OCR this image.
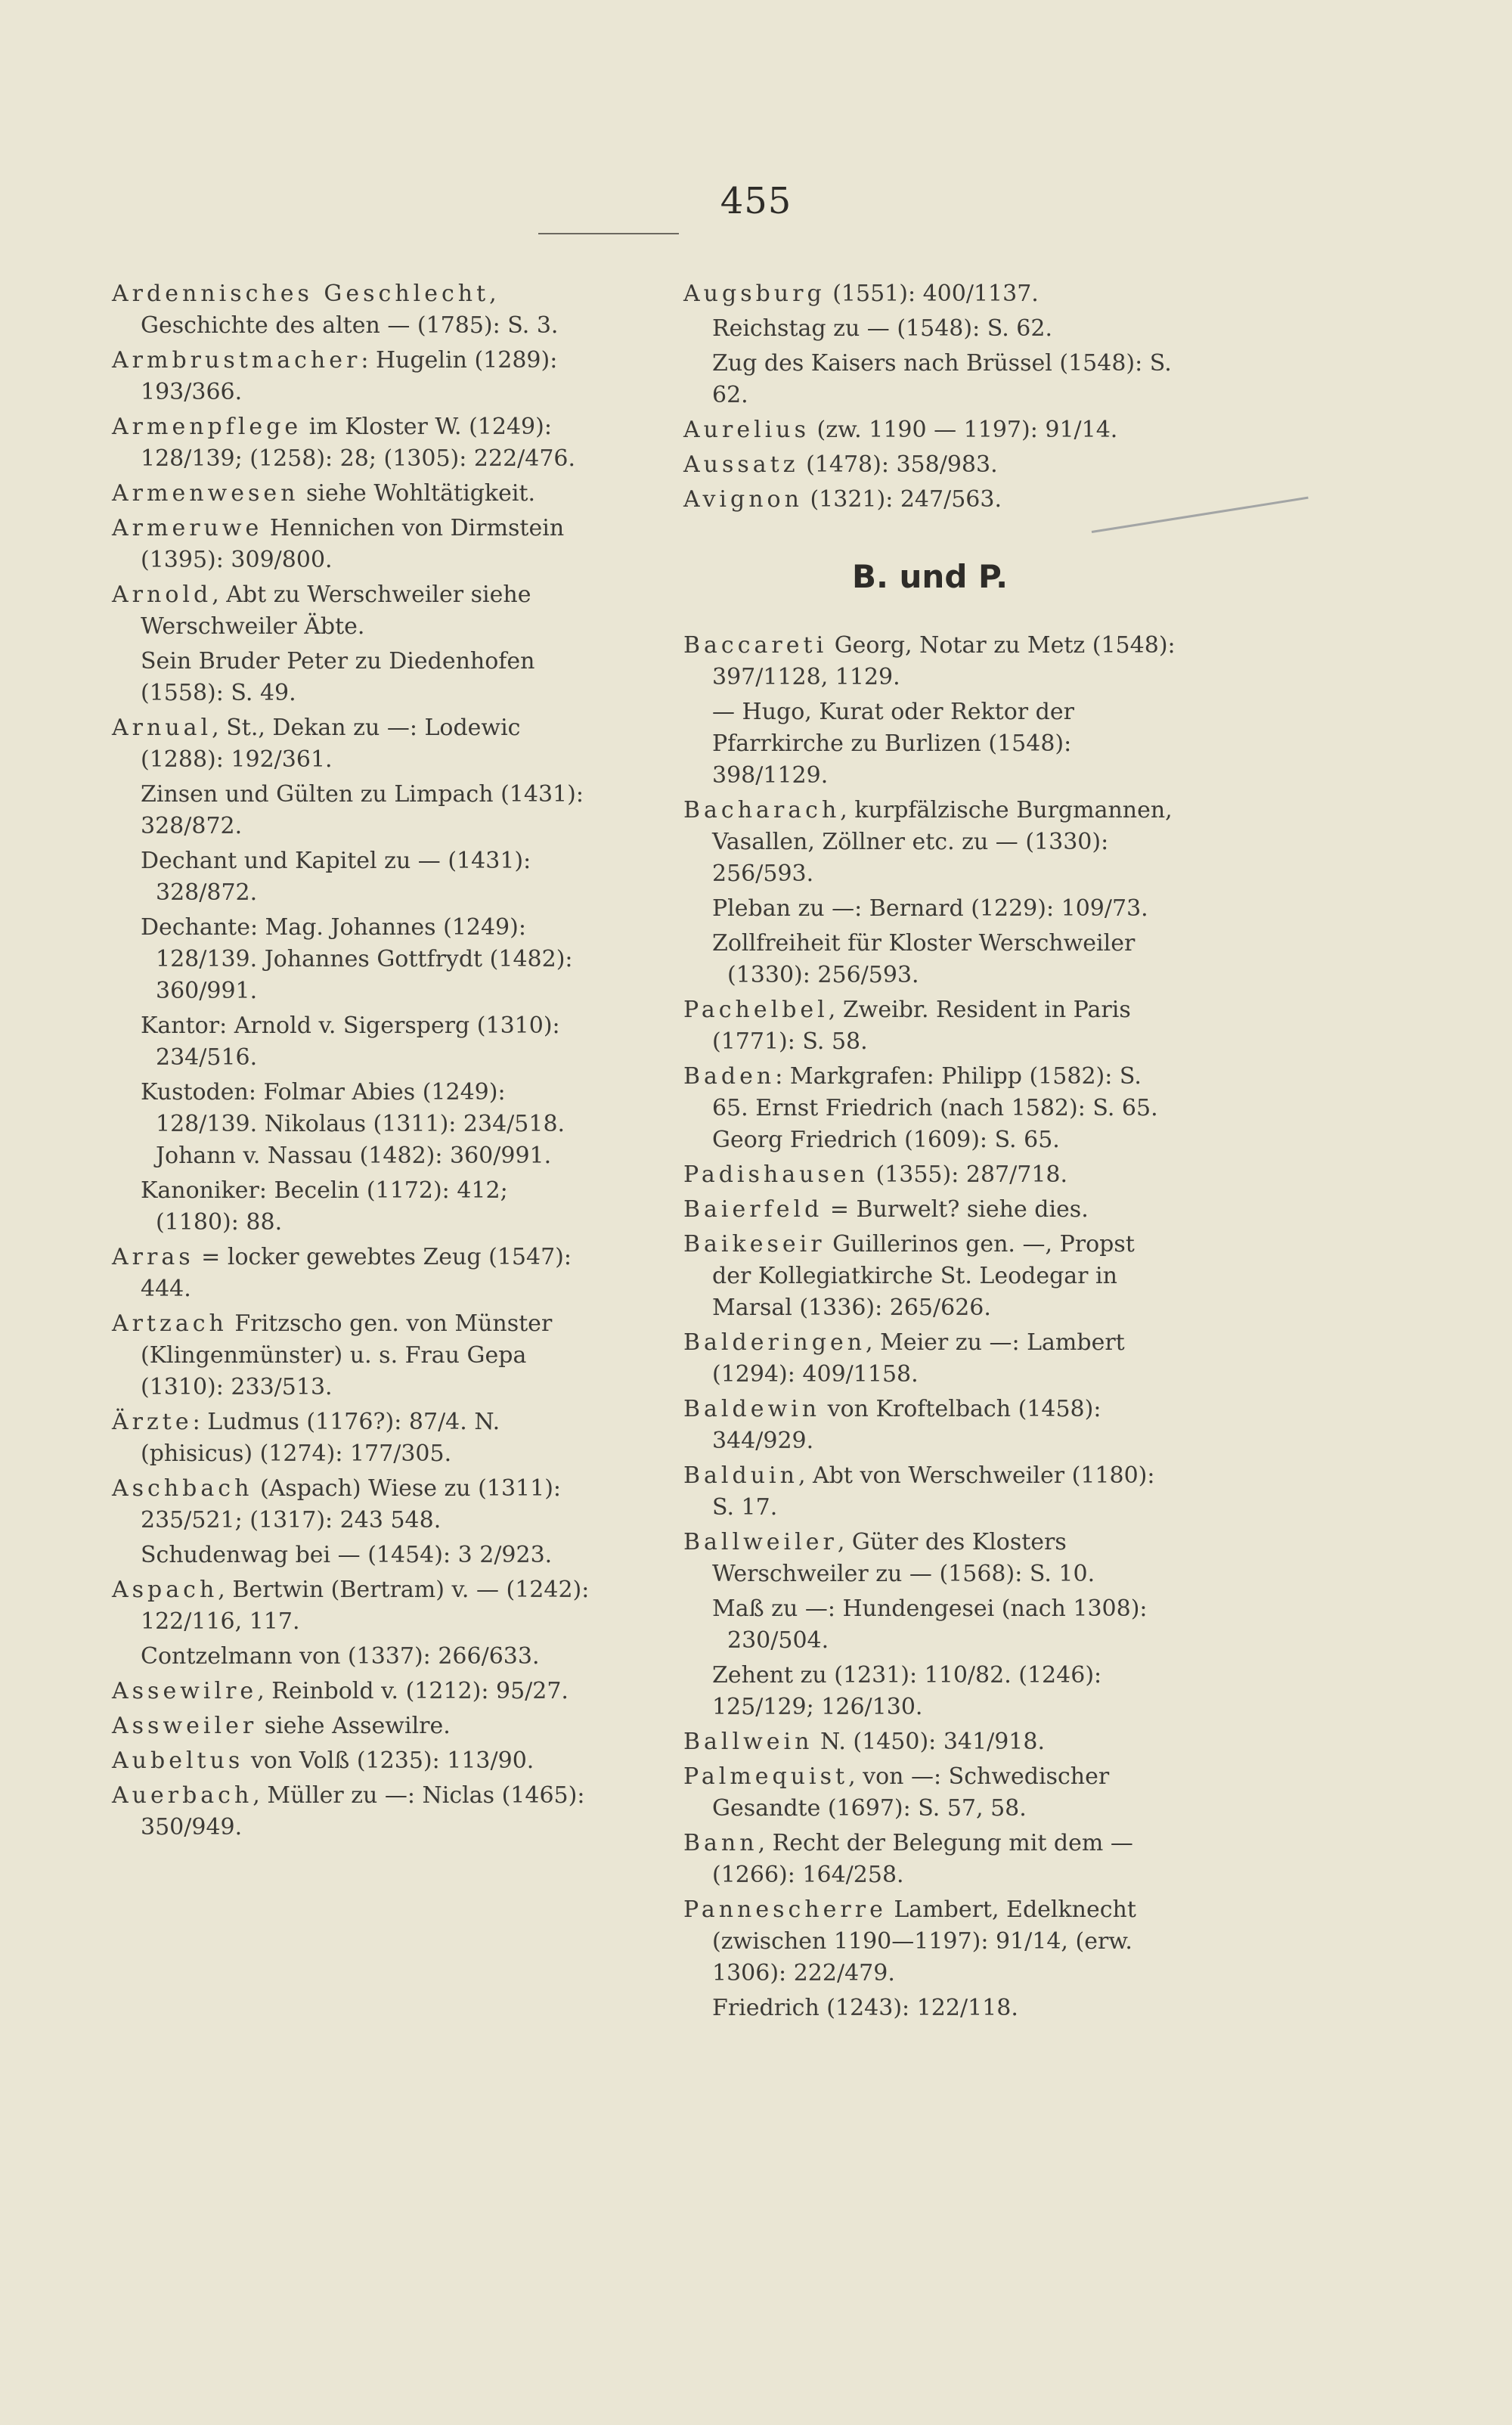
455
Ardennisches Geschlecht, Geschichte des alten — (1785): S. 3.
Armbrustmacher: Hugelin (1289): 193/366.
Armenpflege im Kloster W. (1249): 128/139; (1258): 28; (1305): 222/476.
Armenwesen siehe Wohltätigkeit.
Armeruwe Hennichen von Dirmstein (1395): 309/800.
Arnold, Abt zu Werschweiler siehe Werschweiler Äbte.
Sein Bruder Peter zu Diedenhofen (1558): S. 49.
Arnual, St., Dekan zu —: Lodewic (1288): 192/361.
Zinsen und Gülten zu Limpach (1431): 328/872.
Dechant und Kapitel zu — (1431): 328/872.
Dechante: Mag. Johannes (1249): 128/139. Johannes Gottfrydt (1482): 360/991.
Kantor: Arnold v. Sigersperg (1310): 234/516.
Kustoden: Folmar Abies (1249): 128/139. Nikolaus (1311): 234/518. Johann v. Nassau (1482): 360/991.
Kanoniker: Becelin (1172): 412; (1180): 88.
Arras = locker gewebtes Zeug (1547): 444.
Artzach Fritzscho gen. von Münster (Klingenmünster) u. s. Frau Gepa (1310): 233/513.
Ärzte: Ludmus (1176?): 87/4. N. (phisicus) (1274): 177/305.
Aschbach (Aspach) Wiese zu (1311): 235/521; (1317): 243 548.
Schudenwag bei — (1454): 3 2/923.
Aspach, Bertwin (Bertram) v. — (1242): 122/116, 117.
Contzelmann von (1337): 266/633.
Assewilre, Reinbold v. (1212): 95/27.
Assweiler siehe Assewilre.
Aubeltus von Volß (1235): 113/90.
Auerbach, Müller zu —: Niclas (1465): 350/949.
Augsburg (1551): 400/1137.
Reichstag zu — (1548): S. 62.
Zug des Kaisers nach Brüssel (1548): S. 62.
Aurelius (zw. 1190 — 1197): 91/14.
Aussatz (1478): 358/983.
Avignon (1321): 247/563.
B. und P.
Baccareti Georg, Notar zu Metz (1548): 397/1128, 1129.
— Hugo, Kurat oder Rektor der Pfarrkirche zu Burlizen (1548): 398/1129.
Bacharach, kurpfälzische Burgmannen, Vasallen, Zöllner etc. zu — (1330): 256/593.
Pleban zu —: Bernard (1229): 109/73.
Zollfreiheit für Kloster Werschweiler (1330): 256/593.
Pachelbel, Zweibr. Resident in Paris (1771): S. 58.
Baden: Markgrafen: Philipp (1582): S. 65. Ernst Friedrich (nach 1582): S. 65. Georg Friedrich (1609): S. 65.
Padishausen (1355): 287/718.
Baierfeld = Burwelt? siehe dies.
Baikeseir Guillerinos gen. —, Propst der Kollegiatkirche St. Leodegar in Marsal (1336): 265/626.
Balderingen, Meier zu —: Lambert (1294): 409/1158.
Baldewin von Kroftelbach (1458): 344/929.
Balduin, Abt von Werschweiler (1180): S. 17.
Ballweiler, Güter des Klosters Werschweiler zu — (1568): S. 10.
Maß zu —: Hundengesei (nach 1308): 230/504.
Zehent zu (1231): 110/82. (1246): 125/129; 126/130.
Ballwein N. (1450): 341/918.
Palmequist, von —: Schwedischer Gesandte (1697): S. 57, 58.
Bann, Recht der Belegung mit dem — (1266): 164/258.
Pannescherre Lambert, Edelknecht (zwischen 1190—1197): 91/14, (erw. 1306): 222/479.
Friedrich (1243): 122/118.
